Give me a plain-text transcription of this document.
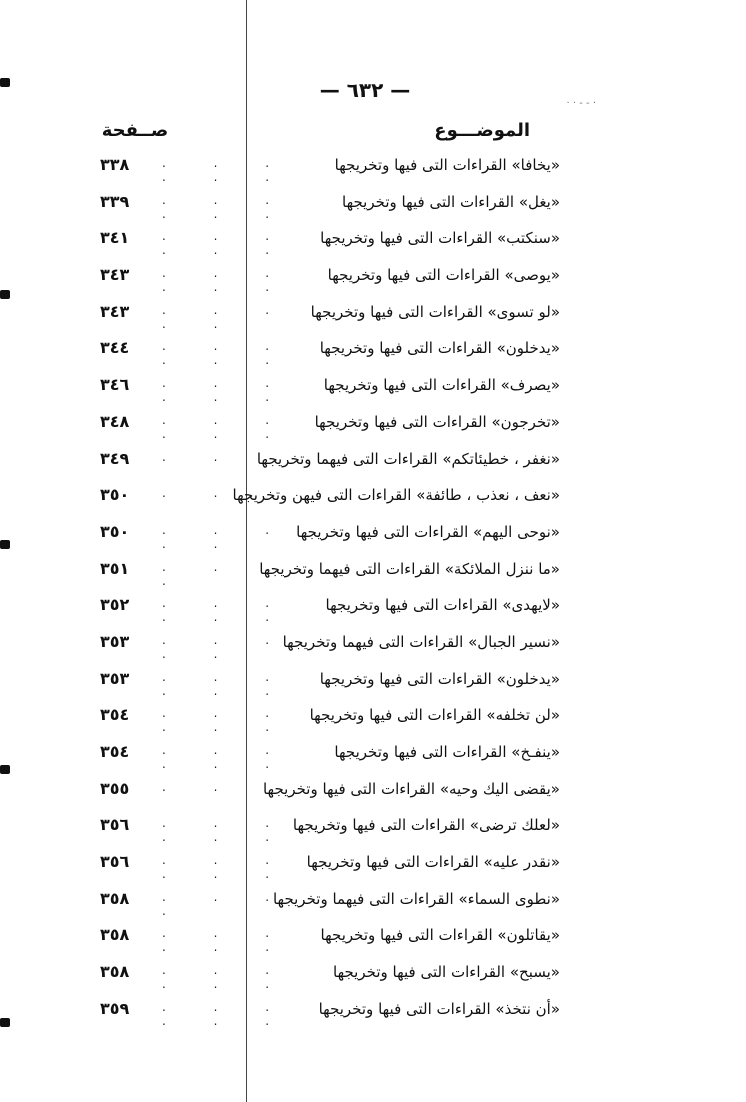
· · ‐ ‐ ·
— ٦٣٢ —
الموضـــوع
صــفحة
«يخافا» القراءات التى فيها وتخريجها
. . . . . .
٣٣٨
«يغل» القراءات التى فيها وتخريجها
. . . . . .
٣٣٩
«سنكتب» القراءات التى فيها وتخريجها
. . . . . .
٣٤١
«يوصى» القراءات التى فيها وتخريجها
. . . . . .
٣٤٣
«لو تسوى» القراءات التى فيها وتخريجها
. . . . .
٣٤٣
«يدخلون» القراءات التى فيها وتخريجها
. . . . . .
٣٤٤
«يصرف» القراءات التى فيها وتخريجها
. . . . . .
٣٤٦
«تخرجون» القراءات التى فيها وتخريجها
. . . . . .
٣٤٨
«نغفر ، خطيئاتكم» القراءات التى فيهما وتخريجها
. .
٣٤٩
«نعف ، نعذب ، طائفة» القراءات التى فيهن وتخريجها
. .
٣٥٠
«نوحى اليهم» القراءات التى فيها وتخريجها
. . . . .
٣٥٠
«ما ننزل الملائكة» القراءات التى فيهما وتخريجها
. . . .
٣٥١
«لايهدى» القراءات التى فيها وتخريجها
. . . . . .
٣٥٢
«نسير الجبال» القراءات التى فيهما وتخريجها
. . . . .
٣٥٣
«يدخلون» القراءات التى فيها وتخريجها
. . . . . .
٣٥٣
«لن تخلفه» القراءات التى فيها وتخريجها
. . . . . .
٣٥٤
«ينفـخ» القراءات التى فيها وتخريجها
. . . . . .
٣٥٤
«يقضى اليك وحيه» القراءات التى فيها وتخريجها
. .
٣٥٥
«لعلك ترضى» القراءات التى فيها وتخريجها
. . . . . .
٣٥٦
«نقدر عليه» القراءات التى فيها وتخريجها
. . . . . .
٣٥٦
«نطوى السماء» القراءات التى فيهما وتخريجها
. . . .
٣٥٨
«يقاتلون» القراءات التى فيها وتخريجها
. . . . . .
٣٥٨
«يسبح» القراءات التى فيها وتخريجها
. . . . . .
٣٥٨
«أن نتخذ» القراءات التى فيها وتخريجها
. . . . . .
٣٥٩
